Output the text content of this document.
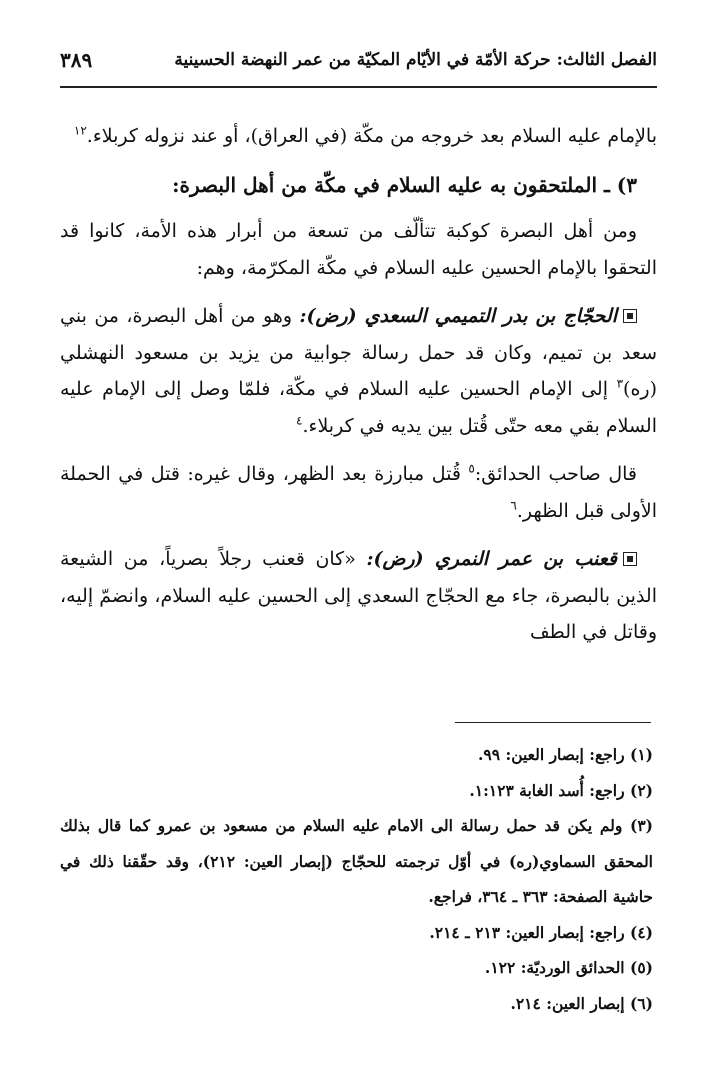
الفصل الثالث: حركة الأمّة في الأيّام المكيّة من عمر النهضة الحسينية
٣٨٩

بالإمام عليه السلام بعد خروجه من مكّة (في العراق)، أو عند نزوله كربلاء.$^{١٢}$

٣) ـ الملتحقون به عليه السلام في مكّة من أهل البصرة:

ومن أهل البصرة كوكبة تتألّف من تسعة من أبرار هذه الأمة، كانوا قد التحقوا بالإمام الحسين عليه السلام في مكّة المكرّمة، وهم:

الحجّاج بن بدر التميمي السعدي (رض): وهو من أهل البصرة، من بني سعد بن تميم، وكان قد حمل رسالة جوابية من يزيد بن مسعود النهشلي (ره)$^٣$ إلى الإمام الحسين عليه السلام في مكّة، فلمّا وصل إلى الإمام عليه السلام بقي معه حتّى قُتل بين يديه في كربلاء.$^٤$

قال صاحب الحدائق:$^٥$ قُتل مبارزة بعد الظهر، وقال غيره: قتل في الحملة الأولى قبل الظهر.$^٦$

قعنب بن عمر النمري (رض): «كان قعنب رجلاً بصرياً، من الشيعة الذين بالبصرة، جاء مع الحجّاج السعدي إلى الحسين عليه السلام، وانضمّ إليه، وقاتل في الطف

(١) راجع: إبصار العين: ٩٩.
(٢) راجع: أُسد الغابة ١:١٢٣.
(٣) ولم يكن قد حمل رسالة الى الامام عليه السلام من مسعود بن عمرو كما قال بذلك المحقق السماوي(ره) في أوّل ترجمته للحجّاج (إبصار العين: ٢١٢)، وقد حقّقنا ذلك في حاشية الصفحة: ٣٦٣ ـ ٣٦٤، فراجع.
(٤) راجع: إبصار العين: ٢١٣ ـ ٢١٤.
(٥) الحدائق الورديّة: ١٢٢.
(٦) إبصار العين: ٢١٤.
